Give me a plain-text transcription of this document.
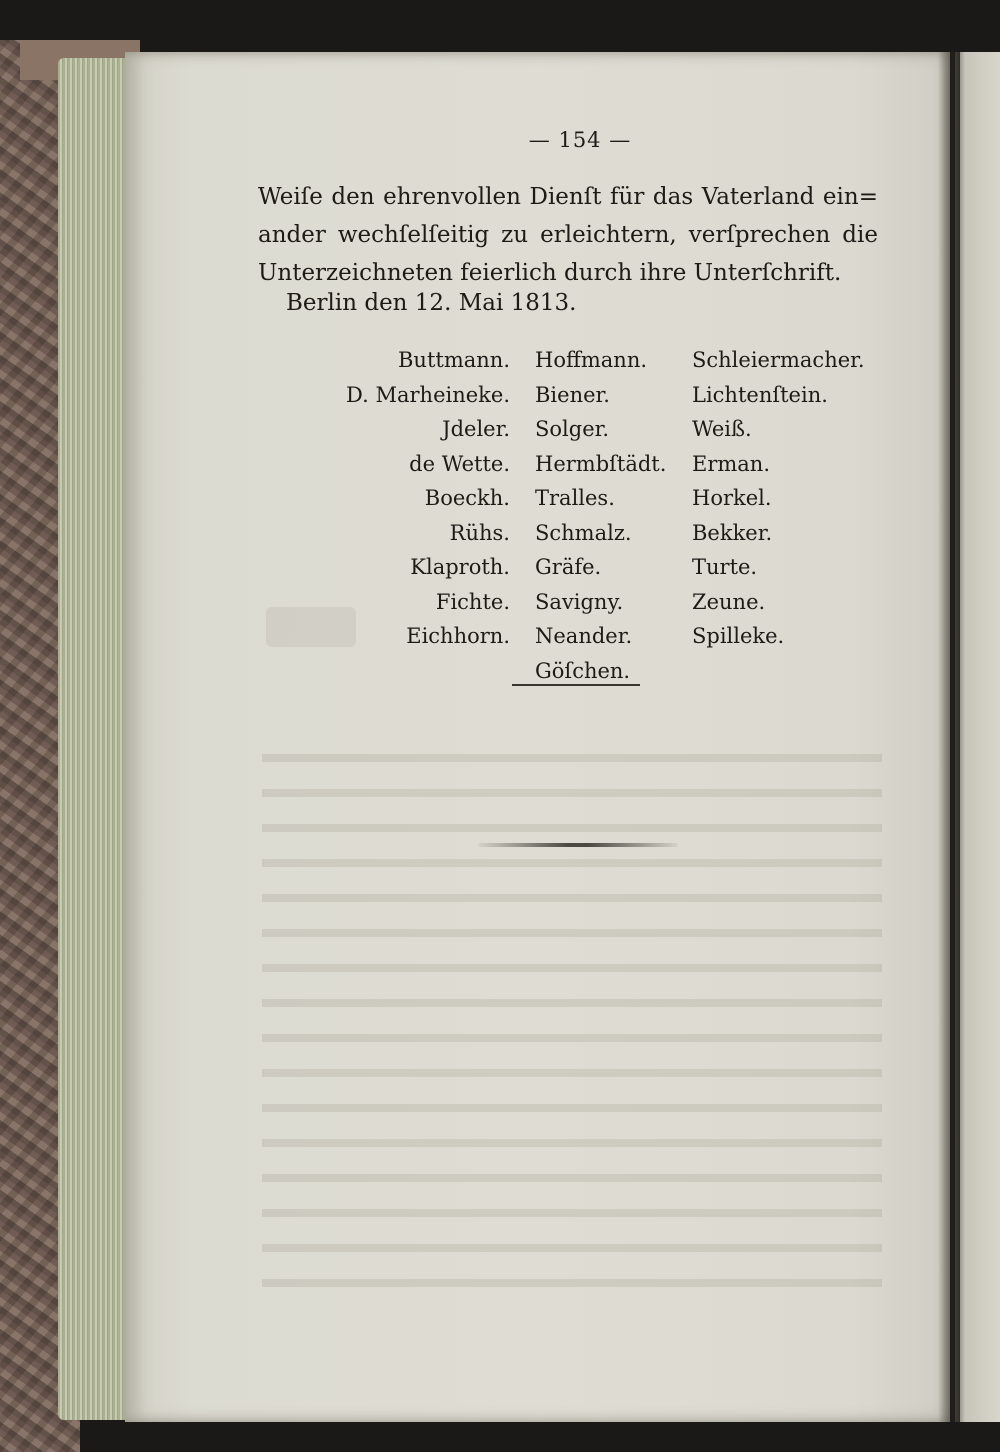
— 154 —
Weiſe den ehrenvollen Dienſt für das Vaterland ein=
ander wechſelſeitig zu erleichtern, verſprechen die
Unterzeichneten feierlich durch ihre Unterſchrift.
Berlin den 12. Mai 1813.
Buttmann.
D. Marheineke.
Jdeler.
de Wette.
Boeckh.
Rühs.
Klaproth.
Fichte.
Eichhorn.
Hoffmann.
Biener.
Solger.
Hermbſtädt.
Tralles.
Schmalz.
Gräfe.
Savigny.
Neander.
Göſchen.
Schleiermacher.
Lichtenſtein.
Weiß.
Erman.
Horkel.
Bekker.
Turte.
Zeune.
Spilleke.
